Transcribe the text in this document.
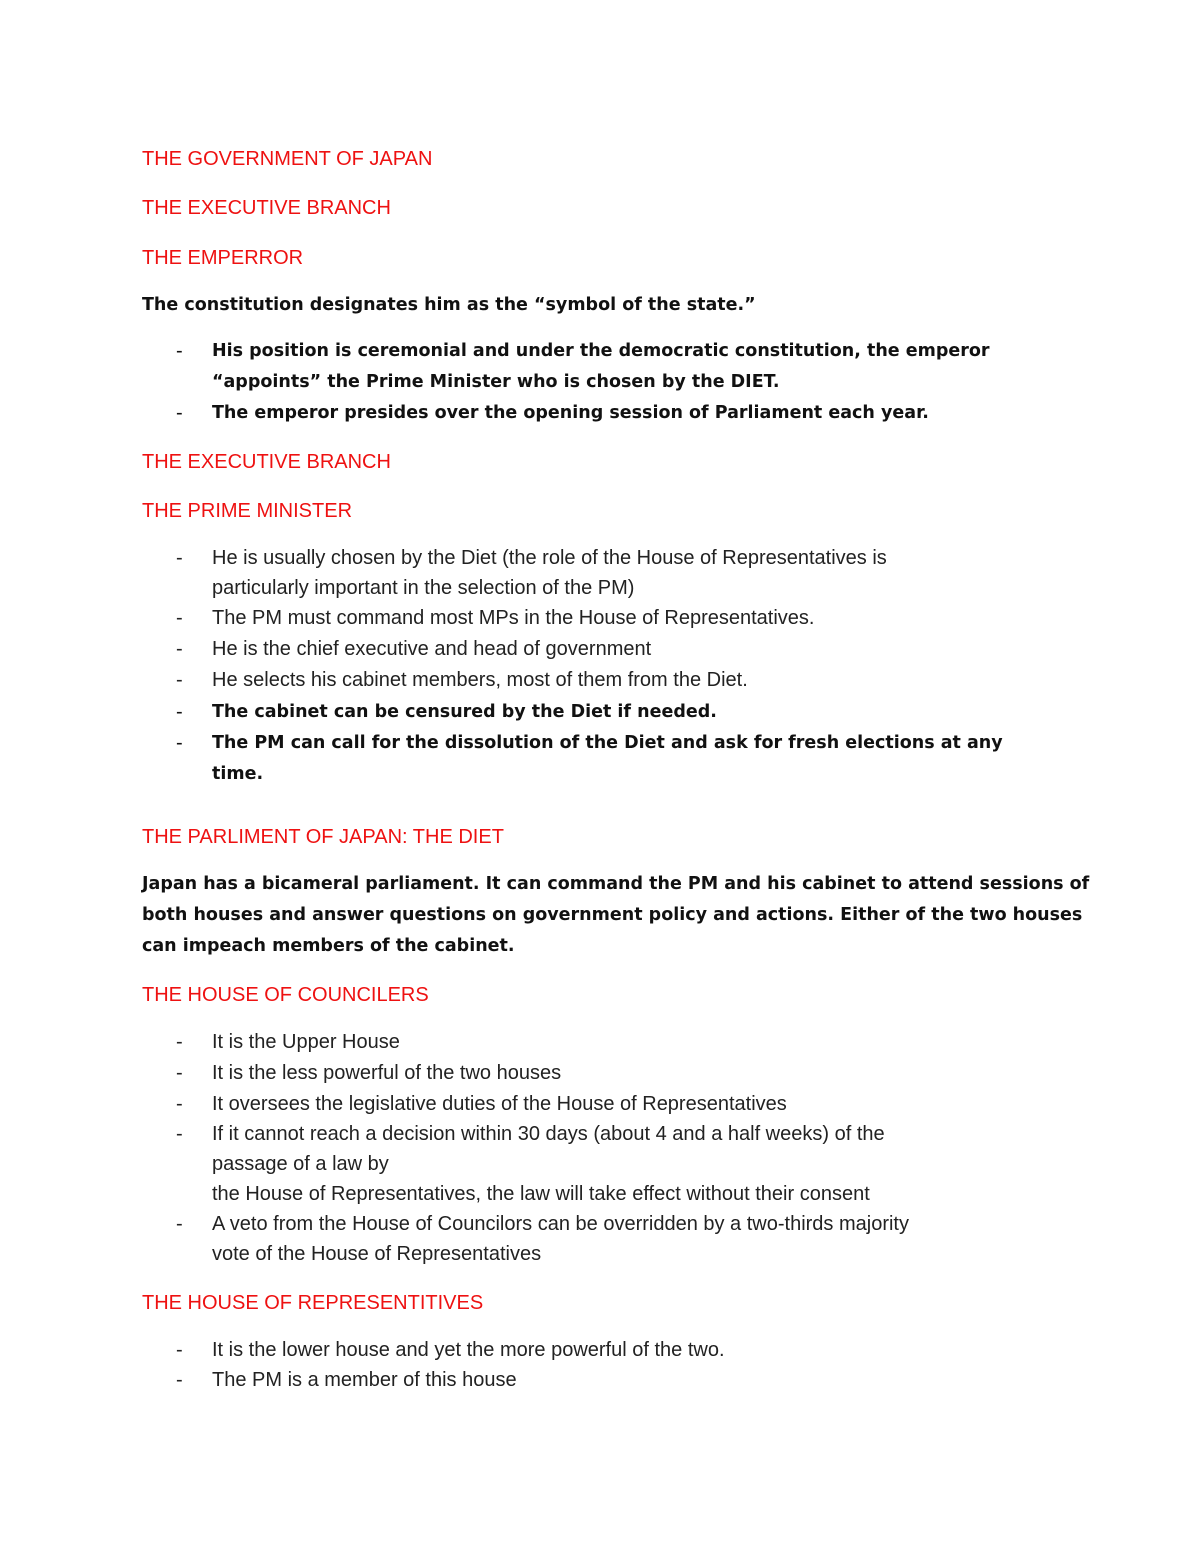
THE GOVERNMENT OF JAPAN
THE EXECUTIVE BRANCH
THE EMPERROR
The constitution designates him as the “symbol of the state.”
-	His position is ceremonial and under the democratic constitution, the emperor
“appoints” the Prime Minister who is chosen by the DIET.
-	The emperor presides over the opening session of Parliament each year.
THE EXECUTIVE BRANCH
THE PRIME MINISTER
-	He is usually chosen by the Diet (the role of the House of Representatives is
particularly important in the selection of the PM)
-	The PM must command most MPs in the House of Representatives.
-	He is the chief executive and head of government
-	He selects his cabinet members, most of them from the Diet.
-	The cabinet can be censured by the Diet if needed.
-	The PM can call for the dissolution of the Diet and ask for fresh elections at any time.
THE PARLIMENT OF JAPAN: THE DIET
Japan has a bicameral parliament. It can command the PM and his cabinet to attend sessions of
both houses and answer questions on government policy and actions. Either of the two houses
can impeach members of the cabinet.
THE HOUSE OF COUNCILERS
-	It is the Upper House
-	It is the less powerful of the two houses
-	It oversees the legislative duties of the House of Representatives
-	If it cannot reach a decision within 30 days (about 4 and a half weeks) of the
passage of a law by
the House of Representatives, the law will take effect without their consent
-	A veto from the House of Councilors can be overridden by a two-thirds majority
vote of the House of Representatives
THE HOUSE OF REPRESENTITIVES
-	It is the lower house and yet the more powerful of the two.
-	The PM is a member of this house
